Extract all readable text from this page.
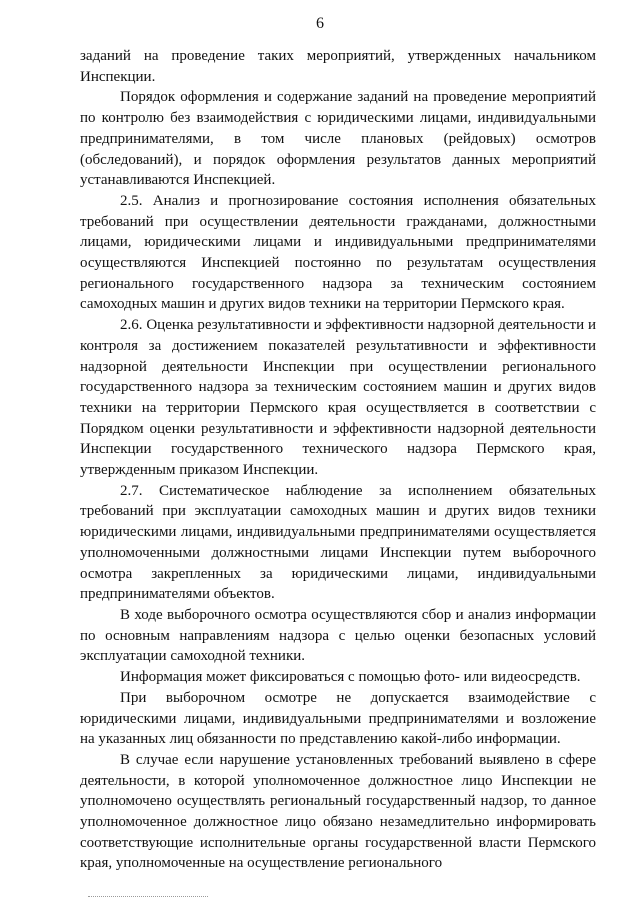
6

заданий на проведение таких мероприятий, утвержденных начальником Инспекции.

Порядок оформления и содержание заданий на проведение мероприятий по контролю без взаимодействия с юридическими лицами, индивидуальными предпринимателями, в том числе плановых (рейдовых) осмотров (обследований), и порядок оформления результатов данных мероприятий устанавливаются Инспекцией.

2.5. Анализ и прогнозирование состояния исполнения обязательных требований при осуществлении деятельности гражданами, должностными лицами, юридическими лицами и индивидуальными предпринимателями осуществляются Инспекцией постоянно по результатам осуществления регионального государственного надзора за техническим состоянием самоходных машин и других видов техники на территории Пермского края.

2.6. Оценка результативности и эффективности надзорной деятельности и контроля за достижением показателей результативности и эффективности надзорной деятельности Инспекции при осуществлении регионального государственного надзора за техническим состоянием машин и других видов техники на территории Пермского края осуществляется в соответствии с Порядком оценки результативности и эффективности надзорной деятельности Инспекции государственного технического надзора Пермского края, утвержденным приказом Инспекции.

2.7. Систематическое наблюдение за исполнением обязательных требований при эксплуатации самоходных машин и других видов техники юридическими лицами, индивидуальными предпринимателями осуществляется уполномоченными должностными лицами Инспекции путем выборочного осмотра закрепленных за юридическими лицами, индивидуальными предпринимателями объектов.

В ходе выборочного осмотра осуществляются сбор и анализ информации по основным направлениям надзора с целью оценки безопасных условий эксплуатации самоходной техники.

Информация может фиксироваться с помощью фото- или видеосредств.

При выборочном осмотре не допускается взаимодействие с юридическими лицами, индивидуальными предпринимателями и возложение на указанных лиц обязанности по представлению какой-либо информации.

В случае если нарушение установленных требований выявлено в сфере деятельности, в которой уполномоченное должностное лицо Инспекции не уполномочено осуществлять региональный государственный надзор, то данное уполномоченное должностное лицо обязано незамедлительно информировать соответствующие исполнительные органы государственной власти Пермского края, уполномоченные на осуществление регионального
